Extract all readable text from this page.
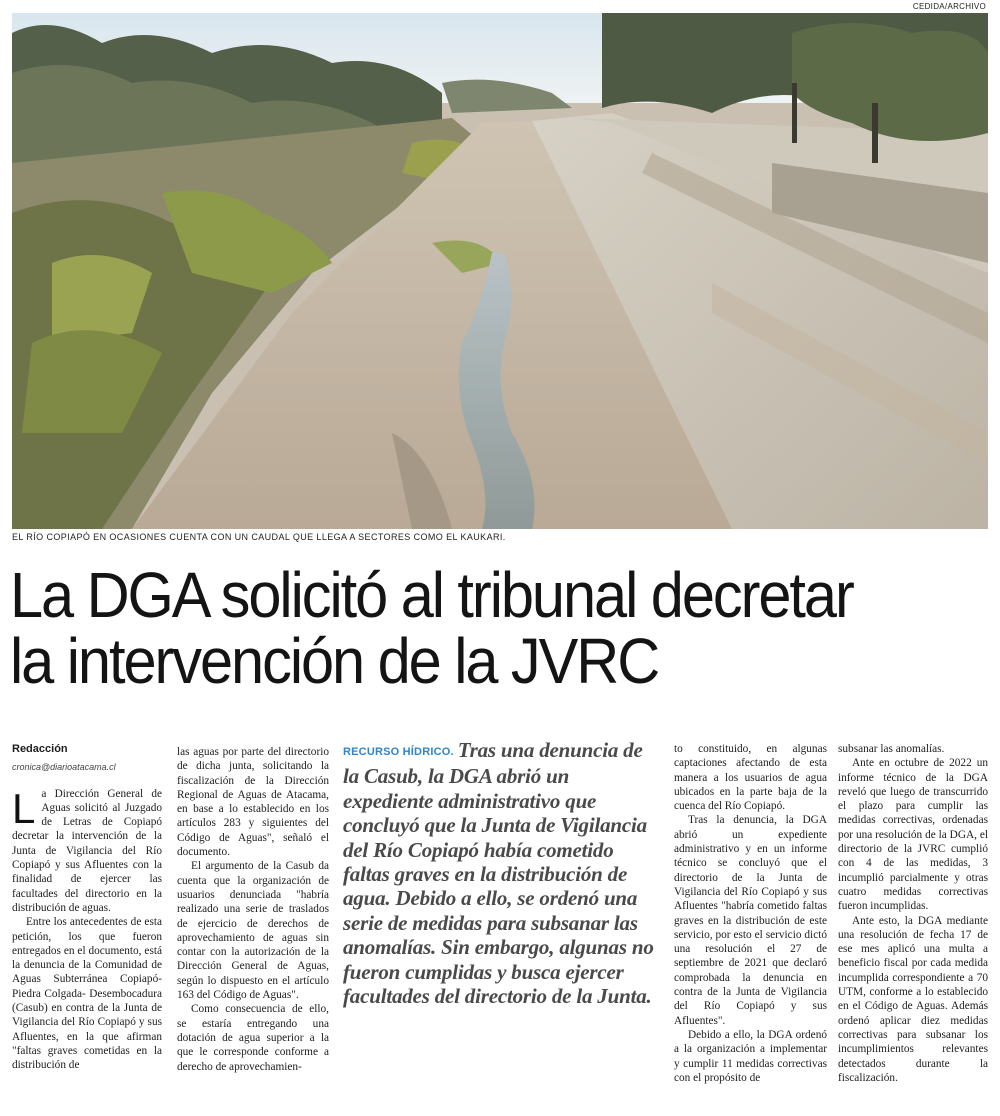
CEDIDA/ARCHIVO
EL RÍO COPIAPÓ EN OCASIONES CUENTA CON UN CAUDAL QUE LLEGA A SECTORES COMO EL KAUKARI.
La DGA solicitó al tribunal decretar
la intervención de la JVRC
Redacción
cronica@diarioatacama.cl

La Dirección General de Aguas solicitó al Juzgado de Letras de Copiapó decretar la intervención de la Junta de Vigilancia del Río Copiapó y sus Afluentes con la finalidad de ejercer las facultades del directorio en la distribución de aguas.

Entre los antecedentes de esta petición, los que fueron entregados en el documento, está la denuncia de la Comunidad de Aguas Subterránea Copiapó-Piedra Colgada- Desembocadura (Casub) en contra de la Junta de Vigilancia del Río Copiapó y sus Afluentes, en la que afirman "faltas graves cometidas en la distribución de

las aguas por parte del directorio de dicha junta, solicitando la fiscalización de la Dirección Regional de Aguas de Atacama, en base a lo establecido en los artículos 283 y siguientes del Código de Aguas", señaló el documento.

El argumento de la Casub da cuenta que la organización de usuarios denunciada "habría realizado una serie de traslados de ejercicio de derechos de aprovechamiento de aguas sin contar con la autorización de la Dirección General de Aguas, según lo dispuesto en el artículo 163 del Código de Aguas".

Como consecuencia de ello, se estaría entregando una dotación de agua superior a la que le corresponde conforme a derecho de aprovechamien-

RECURSO HÍDRICO. Tras una denuncia de la Casub, la DGA abrió un expediente administrativo que concluyó que la Junta de Vigilancia del Río Copiapó había cometido faltas graves en la distribución de agua. Debido a ello, se ordenó una serie de medidas para subsanar las anomalías. Sin embargo, algunas no fueron cumplidas y busca ejercer facultades del directorio de la Junta.

to constituido, en algunas captaciones afectando de esta manera a los usuarios de agua ubicados en la parte baja de la cuenca del Río Copiapó.

Tras la denuncia, la DGA abrió un expediente administrativo y en un informe técnico se concluyó que el directorio de la Junta de Vigilancia del Río Copiapó y sus Afluentes "habría cometido faltas graves en la distribución de este servicio, por esto el servicio dictó una resolución el 27 de septiembre de 2021 que declaró comprobada la denuncia en contra de la Junta de Vigilancia del Río Copiapó y sus Afluentes".

Debido a ello, la DGA ordenó a la organización a implementar y cumplir 11 medidas correctivas con el propósito de

subsanar las anomalías.

Ante en octubre de 2022 un informe técnico de la DGA reveló que luego de transcurrido el plazo para cumplir las medidas correctivas, ordenadas por una resolución de la DGA, el directorio de la JVRC cumplió con 4 de las medidas, 3 incumplió parcialmente y otras cuatro medidas correctivas fueron incumplidas.

Ante esto, la DGA mediante una resolución de fecha 17 de ese mes aplicó una multa a beneficio fiscal por cada medida incumplida correspondiente a 70 UTM, conforme a lo establecido en el Código de Aguas. Además ordenó aplicar diez medidas correctivas para subsanar los incumplimientos relevantes detectados durante la fiscalización.
